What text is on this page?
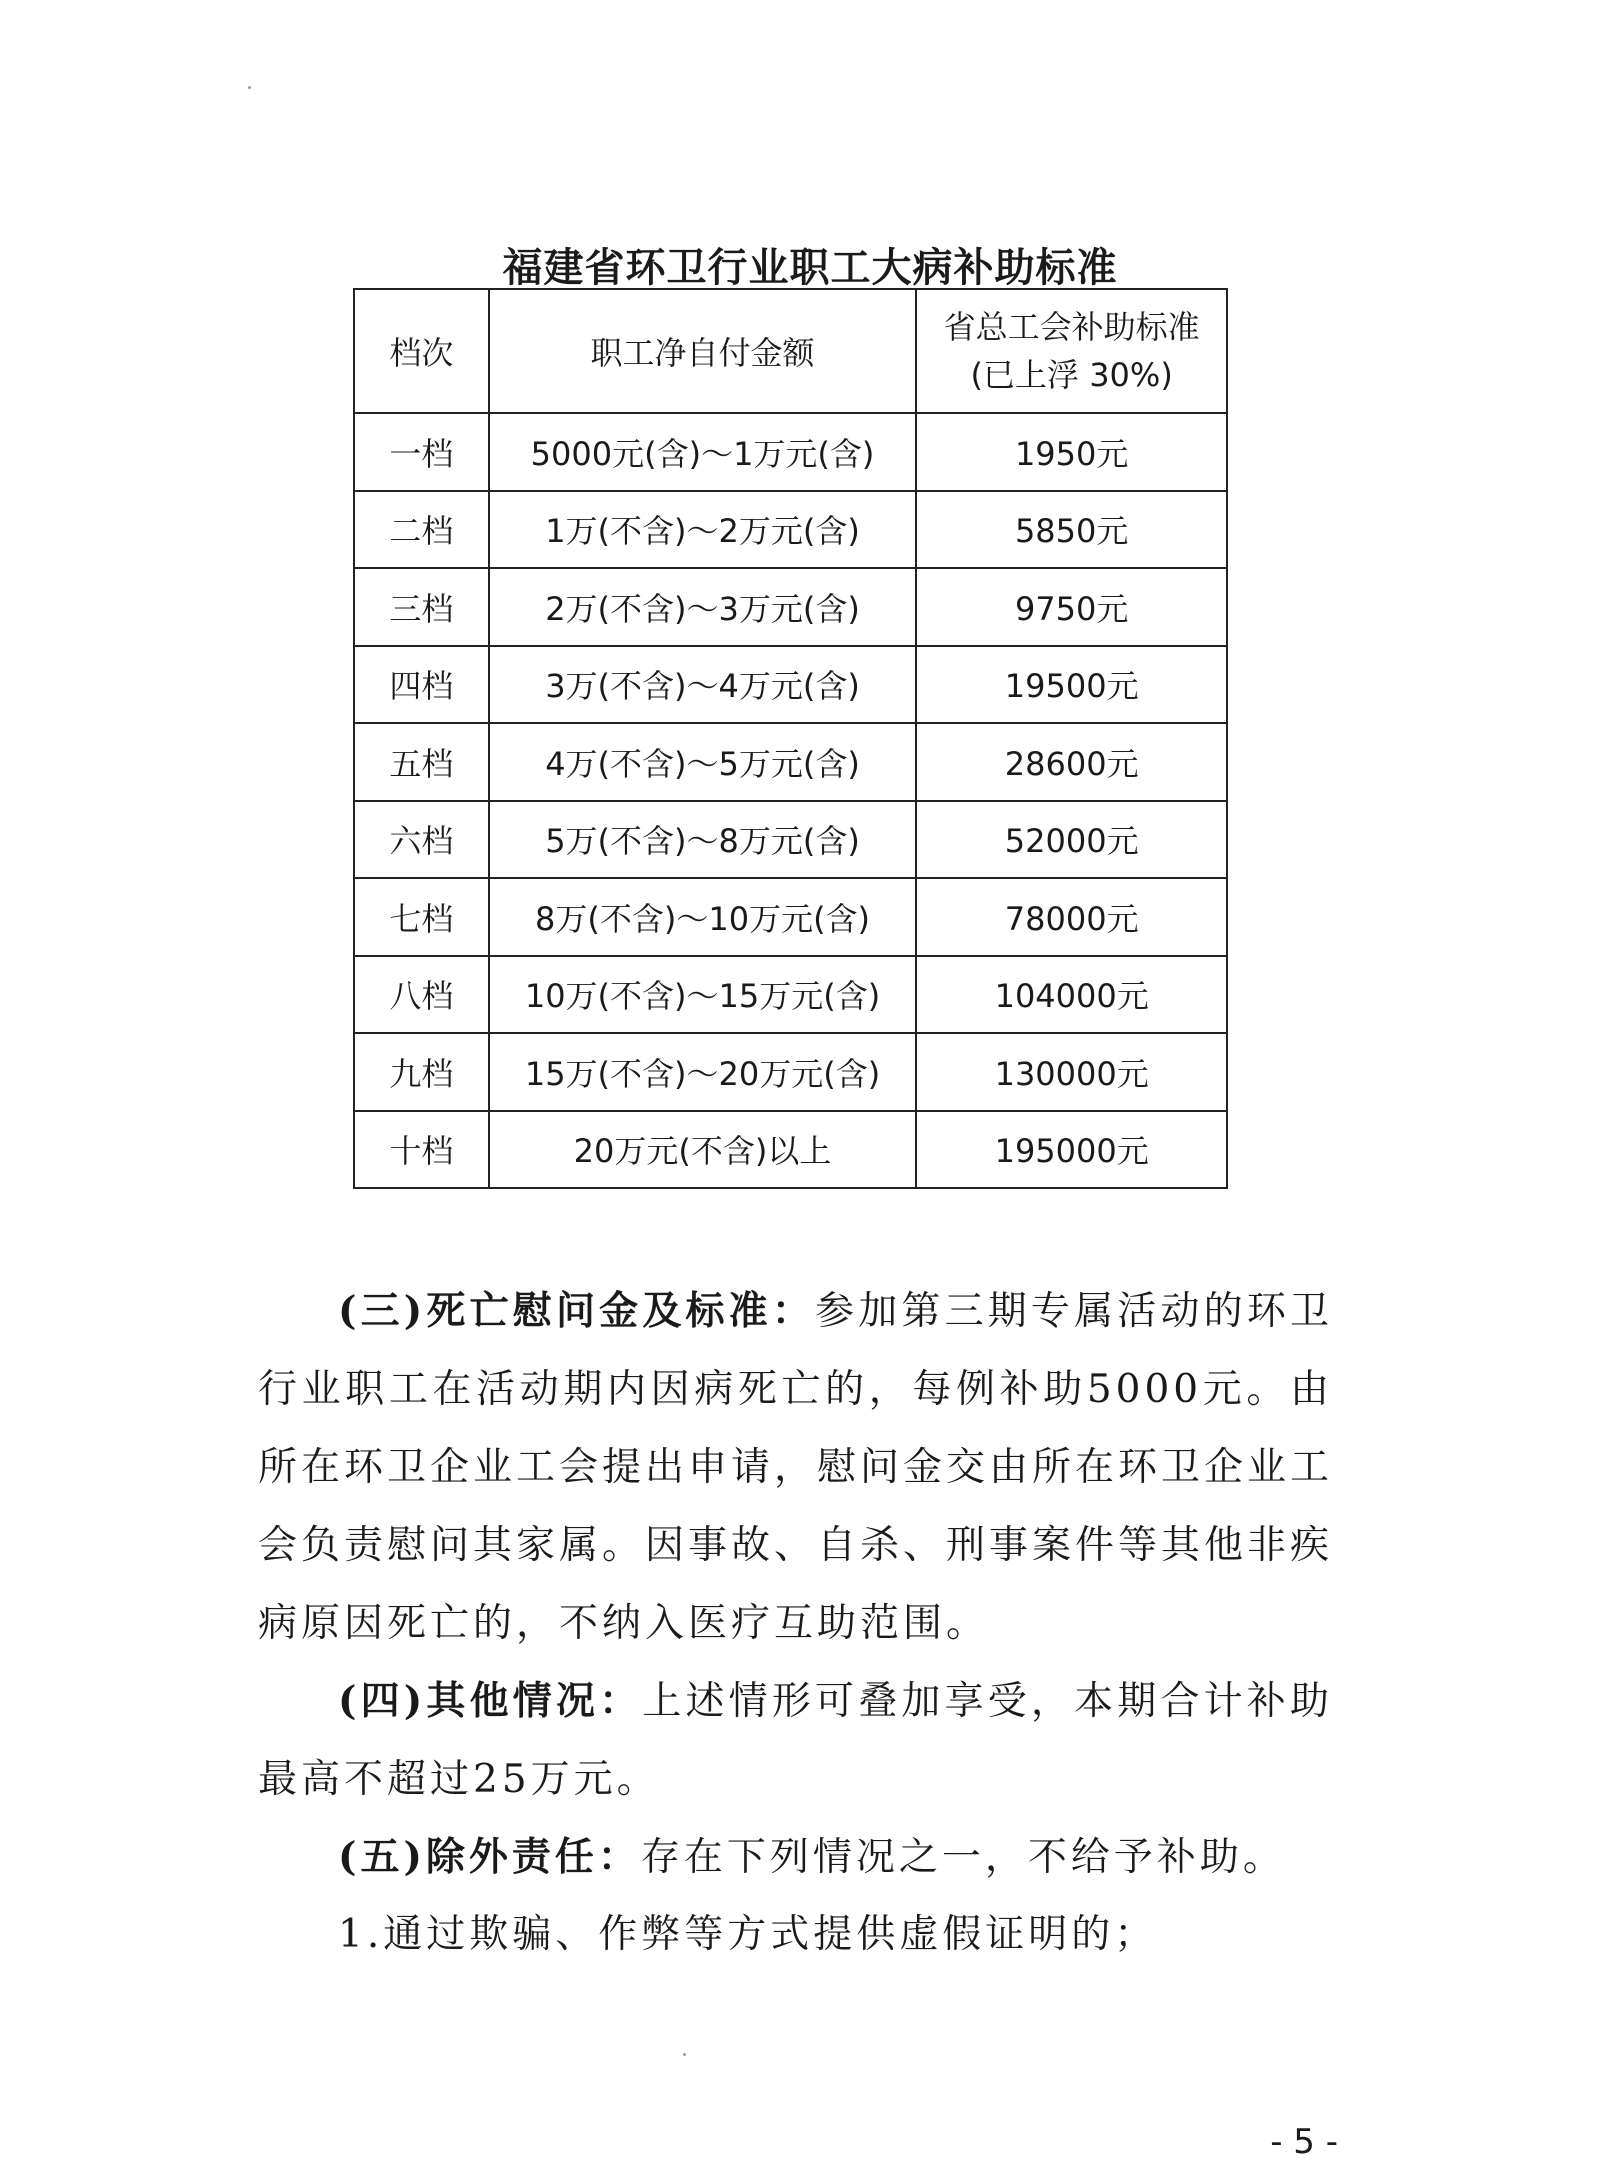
福建省环卫行业职工大病补助标准
档次	职工净自付金额	省总工会补助标准
(已上浮 30%)

一档	5000元(含)～1万元(含)	1950元
二档	1万(不含)～2万元(含)	5850元
三档	2万(不含)～3万元(含)	9750元
四档	3万(不含)～4万元(含)	19500元
五档	4万(不含)～5万元(含)	28600元
六档	5万(不含)～8万元(含)	52000元
七档	8万(不含)～10万元(含)	78000元
八档	10万(不含)～15万元(含)	104000元
九档	15万(不含)～20万元(含)	130000元
十档	20万元(不含)以上	195000元
(三)死亡慰问金及标准：参加第三期专属活动的环卫行业职工在活动期内因病死亡的，每例补助5000元。由所在环卫企业工会提出申请，慰问金交由所在环卫企业工会负责慰问其家属。因事故、自杀、刑事案件等其他非疾病原因死亡的，不纳入医疗互助范围。
(四)其他情况：上述情形可叠加享受，本期合计补助最高不超过25万元。
(五)除外责任：存在下列情况之一，不给予补助。
1.通过欺骗、作弊等方式提供虚假证明的；
- 5 -
